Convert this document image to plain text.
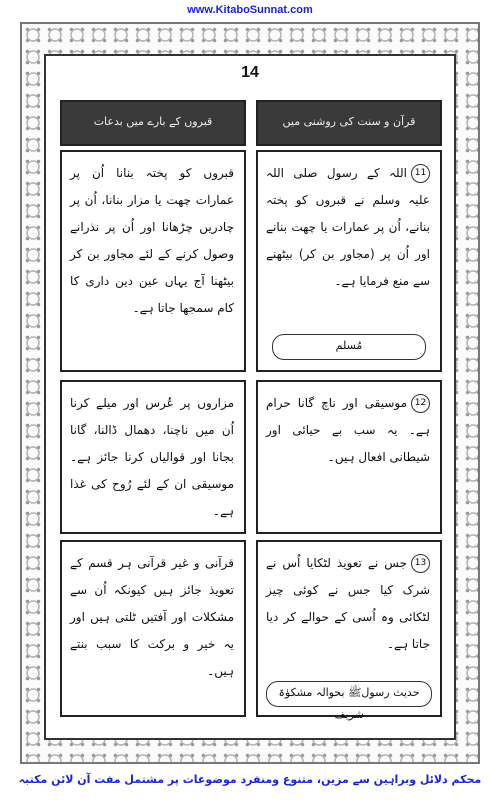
www.KitaboSunnat.com
14
قرآن و سنت کی روشنی میں
قبروں کے بارے میں بدعات
11اللہ کے رسول صلی اللہ علیہ وسلم نے قبروں کو پختہ بنانے، اُن پر عمارات یا چھت بنانے اور اُن پر (مجاور بن کر) بیٹھنے سے منع فرمایا ہے۔
مُسلم
قبروں کو پختہ بنانا اُن پر عمارات چھت یا مزار بنانا، اُن پر چادریں چڑھانا اور اُن پر نذرانے وصول کرنے کے لئے مجاور بن کر بیٹھنا آج یہاں عین دین داری کا کام سمجھا جاتا ہے۔
12موسیقی اور ناچ گانا حرام ہے۔ یہ سب بے حیائی اور شیطانی افعال ہیں۔
مزاروں پر عُرس اور میلے کرنا اُن میں ناچنا، دھمال ڈالنا، گانا بجانا اور قوالیاں کرنا جائز ہے۔ موسیقی ان کے لئے رُوح کی غذا ہے۔
13جس نے تعویذ لٹکایا اُس نے شرک کیا جس نے کوئی چیز لٹکائی وہ اُسی کے حوالے کر دیا جاتا ہے۔
حدیث رسولﷺ بحوالہ مشکوٰۃ شریف
قرآنی و غیر قرآنی ہر قسم کے تعویذ جائز ہیں کیونکہ اُن سے مشکلات اور آفتیں ٹلتی ہیں اور یہ خیر و برکت کا سبب بنتے ہیں۔
محکم دلائل وبراہین سے مزین، متنوع ومنفرد موضوعات پر مشتمل مفت آن لائن مکتبہ
